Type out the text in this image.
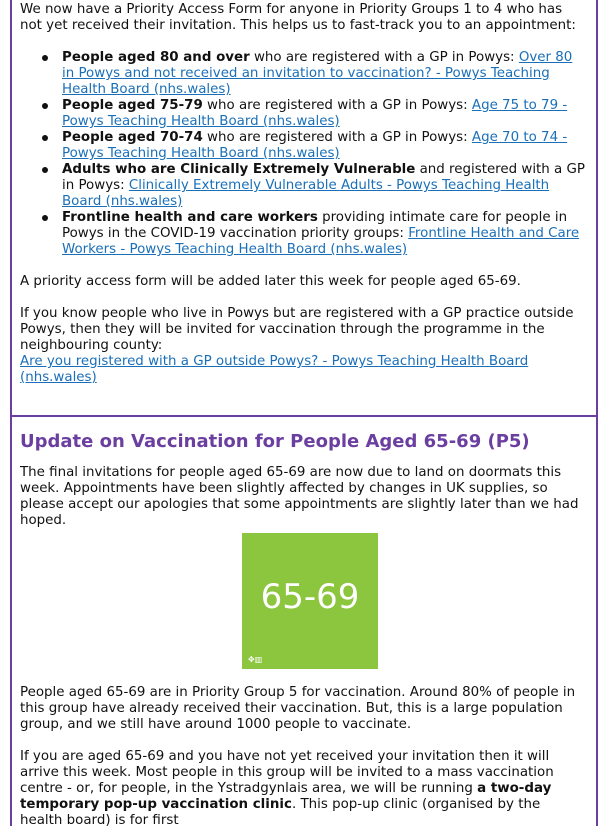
We now have a Priority Access Form for anyone in Priority Groups 1 to 4 who has not yet received their invitation. This helps us to fast-track you to an appointment:

People aged 80 and over who are registered with a GP in Powys: Over 80 in Powys and not received an invitation to vaccination? - Powys Teaching Health Board (nhs.wales)
People aged 75-79 who are registered with a GP in Powys: Age 75 to 79 - Powys Teaching Health Board (nhs.wales)
People aged 70-74 who are registered with a GP in Powys: Age 70 to 74 - Powys Teaching Health Board (nhs.wales)
Adults who are Clinically Extremely Vulnerable and registered with a GP in Powys: Clinically Extremely Vulnerable Adults - Powys Teaching Health Board (nhs.wales)
Frontline health and care workers providing intimate care for people in Powys in the COVID-19 vaccination priority groups: Frontline Health and Care Workers - Powys Teaching Health Board (nhs.wales)

A priority access form will be added later this week for people aged 65-69.

If you know people who live in Powys but are registered with a GP practice outside Powys, then they will be invited for vaccination through the programme in the neighbouring county:
Are you registered with a GP outside Powys? - Powys Teaching Health Board (nhs.wales)

Update on Vaccination for People Aged 65-69 (P5)

The final invitations for people aged 65-69 are now due to land on doormats this week. Appointments have been slightly affected by changes in UK supplies, so please accept our apologies that some appointments are slightly later than we had hoped.

65-69
✥▥

People aged 65-69 are in Priority Group 5 for vaccination. Around 80% of people in this group have already received their vaccination. But, this is a large population group, and we still have around 1000 people to vaccinate.

If you are aged 65-69 and you have not yet received your invitation then it will arrive this week. Most people in this group will be invited to a mass vaccination centre - or, for people, in the Ystradgynlais area, we will be running a two-day temporary pop-up vaccination clinic. This pop-up clinic (organised by the health board) is for first
